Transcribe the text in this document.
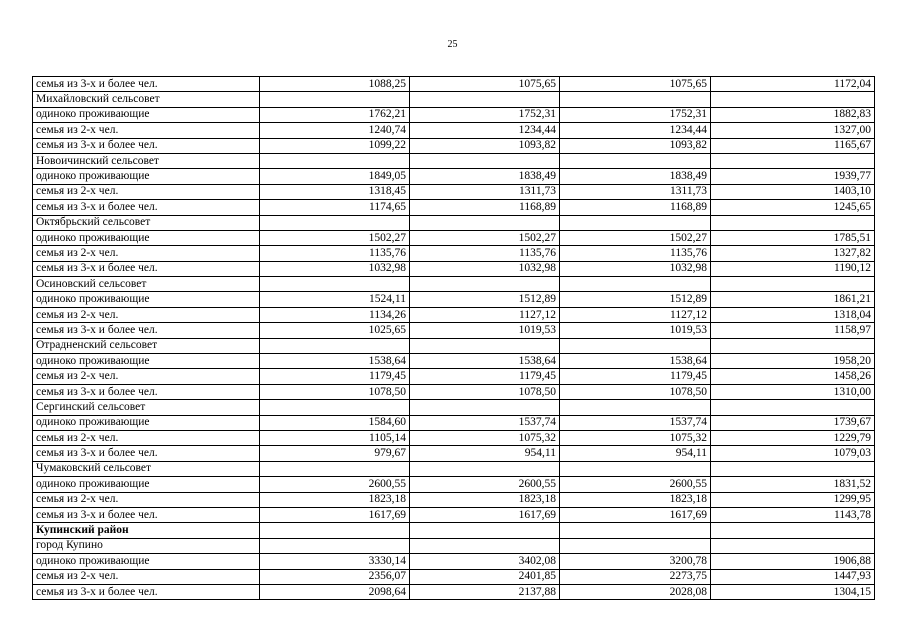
25
семья из 3-х и более чел.	1088,25	1075,65	1075,65	1172,04
Михайловский сельсовет				
одиноко проживающие	1762,21	1752,31	1752,31	1882,83
семья из 2-х чел.	1240,74	1234,44	1234,44	1327,00
семья из 3-х и более чел.	1099,22	1093,82	1093,82	1165,67
Новоичинский сельсовет				
одиноко проживающие	1849,05	1838,49	1838,49	1939,77
семья из 2-х чел.	1318,45	1311,73	1311,73	1403,10
семья из 3-х и более чел.	1174,65	1168,89	1168,89	1245,65
Октябрьский сельсовет				
одиноко проживающие	1502,27	1502,27	1502,27	1785,51
семья из 2-х чел.	1135,76	1135,76	1135,76	1327,82
семья из 3-х и более чел.	1032,98	1032,98	1032,98	1190,12
Осиновский сельсовет				
одиноко проживающие	1524,11	1512,89	1512,89	1861,21
семья из 2-х чел.	1134,26	1127,12	1127,12	1318,04
семья из 3-х и более чел.	1025,65	1019,53	1019,53	1158,97
Отрадненский сельсовет				
одиноко проживающие	1538,64	1538,64	1538,64	1958,20
семья из 2-х чел.	1179,45	1179,45	1179,45	1458,26
семья из 3-х и более чел.	1078,50	1078,50	1078,50	1310,00
Сергинский сельсовет				
одиноко проживающие	1584,60	1537,74	1537,74	1739,67
семья из 2-х чел.	1105,14	1075,32	1075,32	1229,79
семья из 3-х и более чел.	979,67	954,11	954,11	1079,03
Чумаковский сельсовет				
одиноко проживающие	2600,55	2600,55	2600,55	1831,52
семья из 2-х чел.	1823,18	1823,18	1823,18	1299,95
семья из 3-х и более чел.	1617,69	1617,69	1617,69	1143,78
Купинский район				
город Купино				
одиноко проживающие	3330,14	3402,08	3200,78	1906,88
семья из 2-х чел.	2356,07	2401,85	2273,75	1447,93
семья из 3-х и более чел.	2098,64	2137,88	2028,08	1304,15
